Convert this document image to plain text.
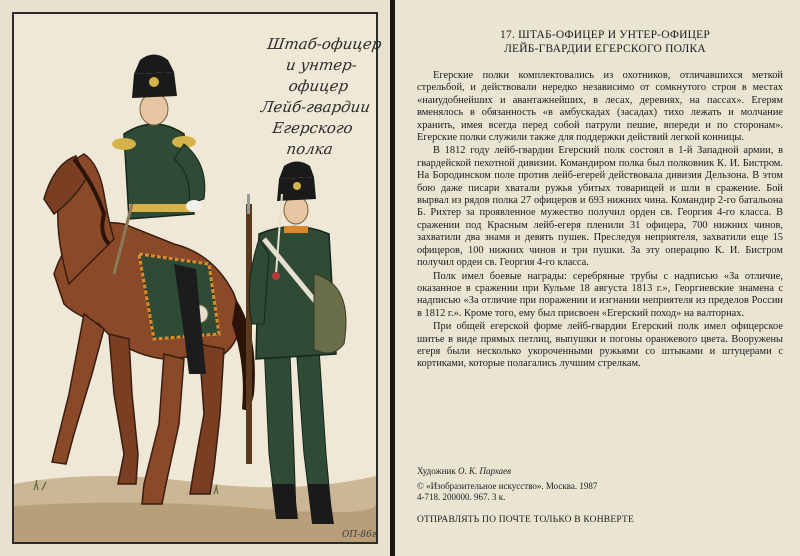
Штаб-офицер
и унтер-офицер
Лейб-гвардии
Егерского
полка
ОП-86г
17. ШТАБ-ОФИЦЕР И УНТЕР-ОФИЦЕР
ЛЕЙБ-ГВАРДИИ ЕГЕРСКОГО ПОЛКА

Егерские полки комплектовались из охотников, отличавшихся меткой стрельбой, и действовали нередко независимо от сомкнутого строя в местах «наиудобнейших и авантажнейших, в лесах, деревнях, на пассах». Егерям вменялось в обязанность «в амбускадах (засадах) тихо лежать и молчание хранить, имея всегда перед собой патрули пешие, впереди и по сторонам». Егерские полки служили также для поддержки действий легкой конницы.

В 1812 году лейб-гвардии Егерский полк состоял в 1-й Западной армии, в гвардейской пехотной дивизии. Командиром полка был полковник К. И. Бистром. На Бородинском поле против лейб-егерей действовала дивизия Дельзона. В этом бою даже писари хватали ружья убитых товарищей и шли в сражение. Бой вырвал из рядов полка 27 офицеров и 693 нижних чина. Командир 2-го батальона Б. Рихтер за проявленное мужество получил орден св. Георгия 4-го класса. В сражении под Красным лейб-егеря пленили 31 офицера, 700 нижних чинов, захватили два знамя и девять пушек. Преследуя неприятеля, захватили еще 15 офицеров, 100 нижних чинов и три пушки. За эту операцию К. И. Бистром получил орден св. Георгия 4-го класса.

Полк имел боевые награды: серебряные трубы с надписью «За отличие, оказанное в сражении при Кульме 18 августа 1813 г.», Георгиевские знамена с надписью «За отличие при поражении и изгнании неприятеля из пределов России в 1812 г.». Кроме того, ему был присвоен «Егерский поход» на валторнах.

При общей егерской форме лейб-гвардии Егерский полк имел офицерское шитье в виде прямых петлиц, выпушки и погоны оранжевого цвета. Вооружены егеря были несколько укороченными ружьями со штыками и штуцерами с кортиками, которые полагались лучшим стрелкам.

Художник О. К. Пархаев
© «Изобразительное искусство». Москва. 1987
4-718. 200000. 967. 3 к.
ОТПРАВЛЯТЬ ПО ПОЧТЕ ТОЛЬКО В КОНВЕРТЕ
